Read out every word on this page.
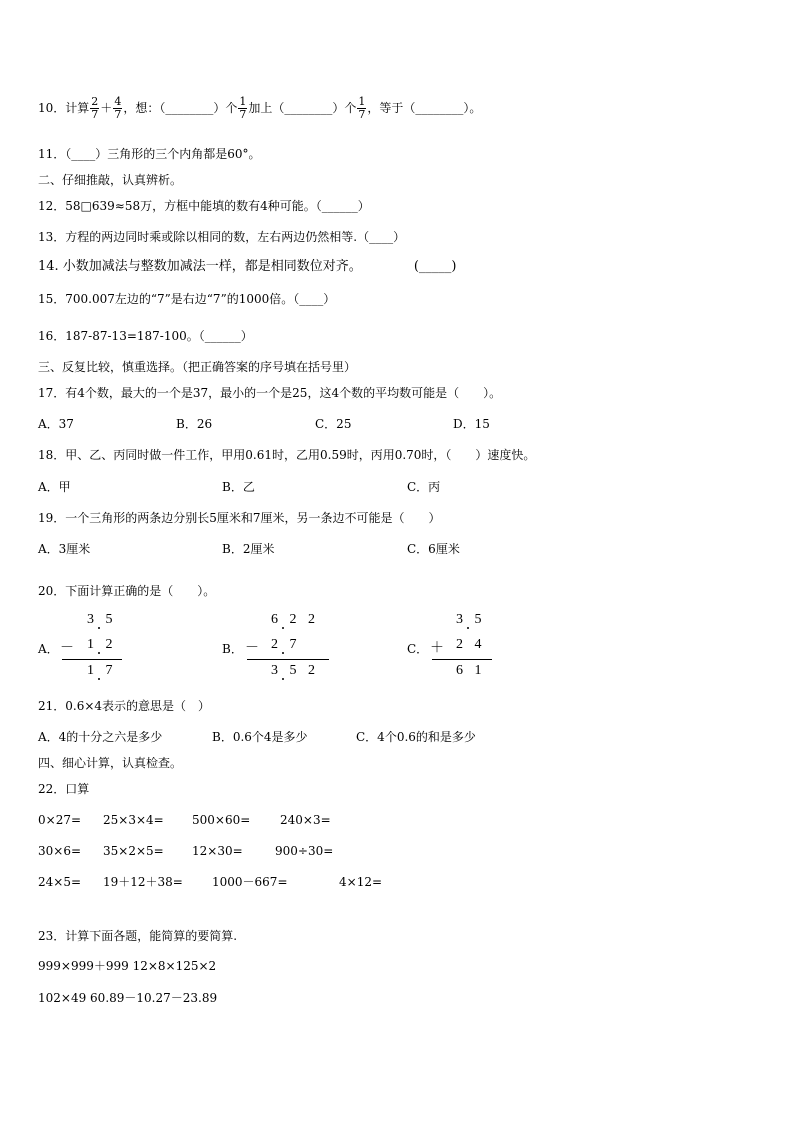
10．计算 $\frac{2}{7} + \frac{4}{7}$ ，想：（________）个 $\frac{1}{7}$ 加上（________）个 $\frac{1}{7}$ ，等于（________）。
11．（____）三角形的三个内角都是60°。
二、仔细推敲，认真辨析。
12．58□639≈58万，方框中能填的数有4种可能。（______）
13．方程的两边同时乘或除以相同的数，左右两边仍然相等.（____）
14. 小数加减法与整数加减法一样，都是相同数位对齐。	(_____)
15．700.007左边的“7”是右边“7”的1000倍。（____）
16．187-87-13=187-100。（______）
三、反复比较，慎重选择。（把正确答案的序号填在括号里）
17．有4个数，最大的一个是37，最小的一个是25，这4个数的平均数可能是（　　）。
A．37	B．26	C．25	D．15
18．甲、乙、丙同时做一件工作，甲用0.61时，乙用0.59时，丙用0.70时，（　　）速度快。
A．甲	B．乙	C．丙
19．一个三角形的两条边分别长5厘米和7厘米，另一条边不可能是（　　）
A．3厘米	B．2厘米	C．6厘米
20．下面计算正确的是（　　）。
A．
3 5
－ 1 2
1 7
B．
6 2 2
－ 2 7
3 5 2
C．
3 5
＋ 2 4
6 1
21．0.6×4表示的意思是（　）
A．4的十分之六是多少	B．0.6个4是多少	C．4个0.6的和是多少
四、细心计算，认真检查。
22．口算
0×27= 25×3×4= 500×60= 240×3=
30×6= 35×2×5= 12×30=	900÷30=
24×5= 19＋12＋38= 1000－667=	4×12=
23．计算下面各题，能简算的要简算.
999×999＋999 12×8×125×2
102×49 60.89－10.27－23.89
